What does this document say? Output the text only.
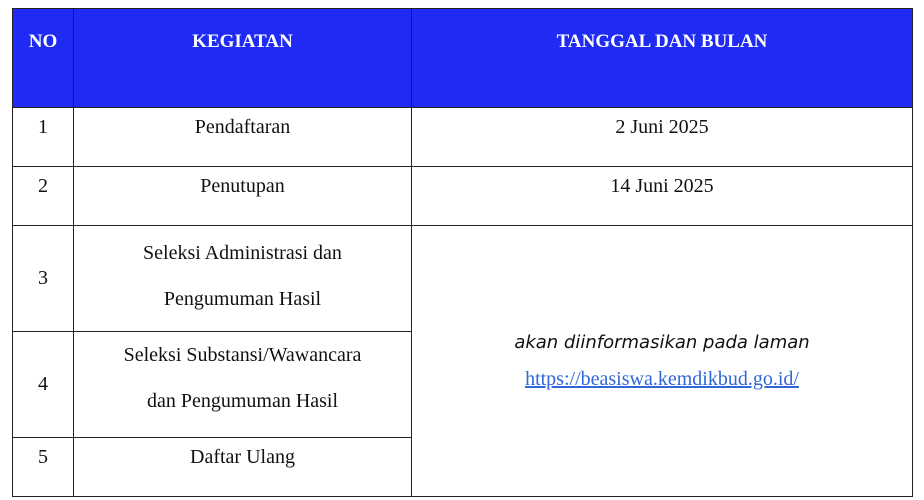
NO	KEGIATAN	TANGGAL DAN BULAN

1	Pendaftaran	2 Juni 2025

2	Penutupan	14 Juni 2025

3	Seleksi Administrasi dan
Pengumuman Hasil	akan diinformasikan pada laman
https://beasiswa.kemdikbud.go.id/
4	Seleksi Substansi/Wawancara
dan Pengumuman Hasil	

5	Daftar Ulang	
